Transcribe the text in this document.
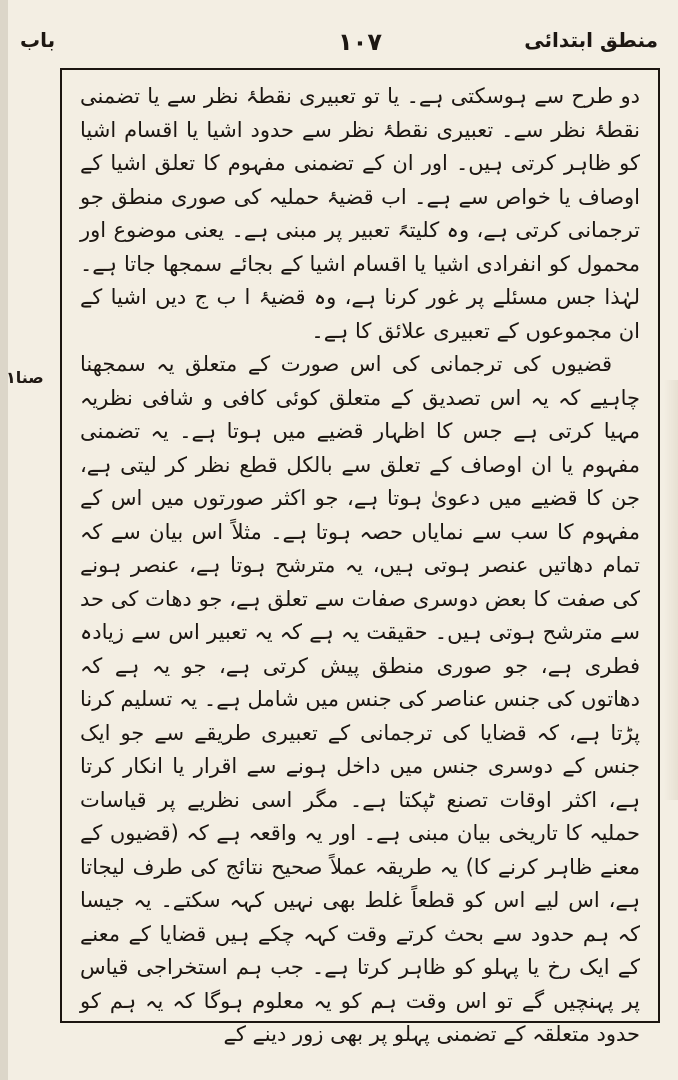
منطق ابتدائی
۱۰۷
باب
صنا۱

دو طرح سے ہوسکتی ہے۔ یا تو تعبیری نقطۂ نظر سے یا تضمنی نقطۂ نظر سے۔ تعبیری نقطۂ نظر سے حدود اشیا یا اقسام اشیا کو ظاہر کرتی ہیں۔ اور ان کے تضمنی مفہوم کا تعلق اشیا کے اوصاف یا خواص سے ہے۔ اب قضیۂ حملیہ کی صوری منطق جو ترجمانی کرتی ہے، وہ کلیتہً تعبیر پر مبنی ہے۔ یعنی موضوع اور محمول کو انفرادی اشیا یا اقسام اشیا کے بجائے سمجھا جاتا ہے۔ لہٰذا جس مسئلے پر غور کرنا ہے، وہ قضیۂ ا ب ج دیں اشیا کے ان مجموعوں کے تعبیری علائق کا ہے۔

قضیوں کی ترجمانی کی اس صورت کے متعلق یہ سمجھنا چاہیے کہ یہ اس تصدیق کے متعلق کوئی کافی و شافی نظریہ مہیا کرتی ہے جس کا اظہار قضیے میں ہوتا ہے۔ یہ تضمنی مفہوم یا ان اوصاف کے تعلق سے بالکل قطع نظر کر لیتی ہے، جن کا قضیے میں دعویٰ ہوتا ہے، جو اکثر صورتوں میں اس کے مفہوم کا سب سے نمایاں حصہ ہوتا ہے۔ مثلاً اس بیان سے کہ تمام دھاتیں عنصر ہوتی ہیں، یہ مترشح ہوتا ہے، عنصر ہونے کی صفت کا بعض دوسری صفات سے تعلق ہے، جو دھات کی حد سے مترشح ہوتی ہیں۔ حقیقت یہ ہے کہ یہ تعبیر اس سے زیادہ فطری ہے، جو صوری منطق پیش کرتی ہے، جو یہ ہے کہ دھاتوں کی جنس عناصر کی جنس میں شامل ہے۔ یہ تسلیم کرنا پڑتا ہے، کہ قضایا کی ترجمانی کے تعبیری طریقے سے جو ایک جنس کے دوسری جنس میں داخل ہونے سے اقرار یا انکار کرتا ہے، اکثر اوقات تصنع ٹپکتا ہے۔ مگر اسی نظریے پر قیاسات حملیہ کا تاریخی بیان مبنی ہے۔ اور یہ واقعہ ہے کہ (قضیوں کے معنے ظاہر کرنے کا) یہ طریقہ عملاً صحیح نتائج کی طرف لیجاتا ہے، اس لیے اس کو قطعاً غلط بھی نہیں کہہ سکتے۔ یہ جیسا کہ ہم حدود سے بحث کرتے وقت کہہ چکے ہیں قضایا کے معنے کے ایک رخ یا پہلو کو ظاہر کرتا ہے۔ جب ہم استخراجی قیاس پر پہنچیں گے تو اس وقت ہم کو یہ معلوم ہوگا کہ یہ ہم کو حدود متعلقہ کے تضمنی پہلو پر بھی زور دینے کے
